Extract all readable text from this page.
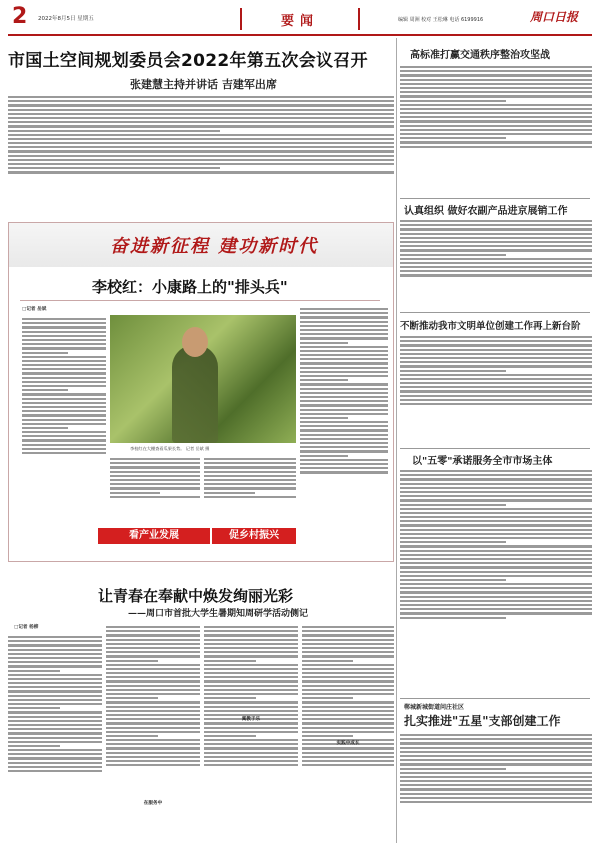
2 2022年8月5日 星期五	要闻	编辑 周洲 校对 王松琳 电话 6199916	周口日报
市国土空间规划委员会2022年第五次会议召开
张建慧主持并讲话 吉建军出席
奋进新征程 建功新时代
李校红：小康路上的"排头兵"
□记者 岳斌
李校红在大棚查看瓜果长势。 记者 岳斌 摄
看产业发展	促乡村振兴
让青春在奉献中焕发绚丽光彩
——周口市首批大学生暑期知周研学活动侧记
□记者 杨柳
在服务中
寓教于乐
实践中成长
高标准打赢交通秩序整治攻坚战
认真组织 做好农副产品进京展销工作
不断推动我市文明单位创建工作再上新台阶
以"五零"承诺服务全市市场主体
郸城新城街道问庄社区
扎实推进"五星"支部创建工作
